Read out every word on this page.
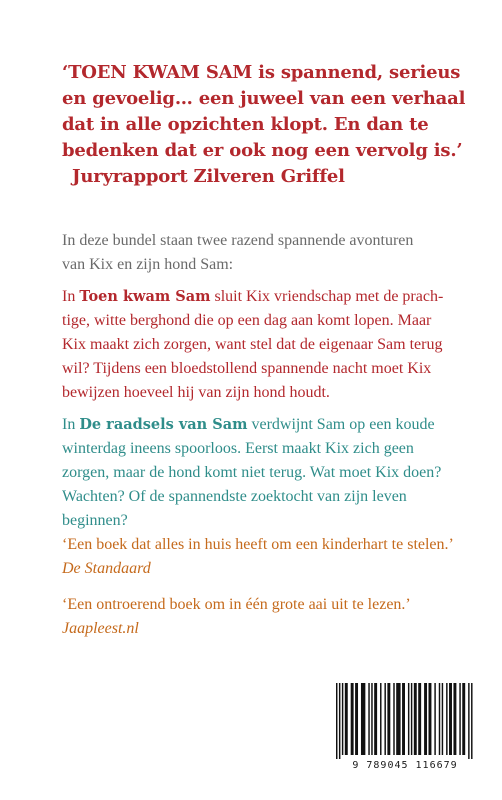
‘TOEN KWAM SAM is spannend, serieus
en gevoelig… een juweel van een verhaal
dat in alle opzichten klopt. En dan te
bedenken dat er ook nog een vervolg is.’
Juryrapport Zilveren Griffel
In deze bundel staan twee razend spannende avonturen
van Kix en zijn hond Sam:
In Toen kwam Sam sluit Kix vriendschap met de prach-
tige, witte berghond die op een dag aan komt lopen. Maar
Kix maakt zich zorgen, want stel dat de eigenaar Sam terug
wil? Tijdens een bloedstollend spannende nacht moet Kix
bewijzen hoeveel hij van zijn hond houdt.
In De raadsels van Sam verdwijnt Sam op een koude
winterdag ineens spoorloos. Eerst maakt Kix zich geen
zorgen, maar de hond komt niet terug. Wat moet Kix doen?
Wachten? Of de spannendste zoektocht van zijn leven
beginnen?
‘Een boek dat alles in huis heeft om een kinderhart te stelen.’
De Standaard
‘Een ontroerend boek om in één grote aai uit te lezen.’
Jaapleest.nl
9 789045 116679
